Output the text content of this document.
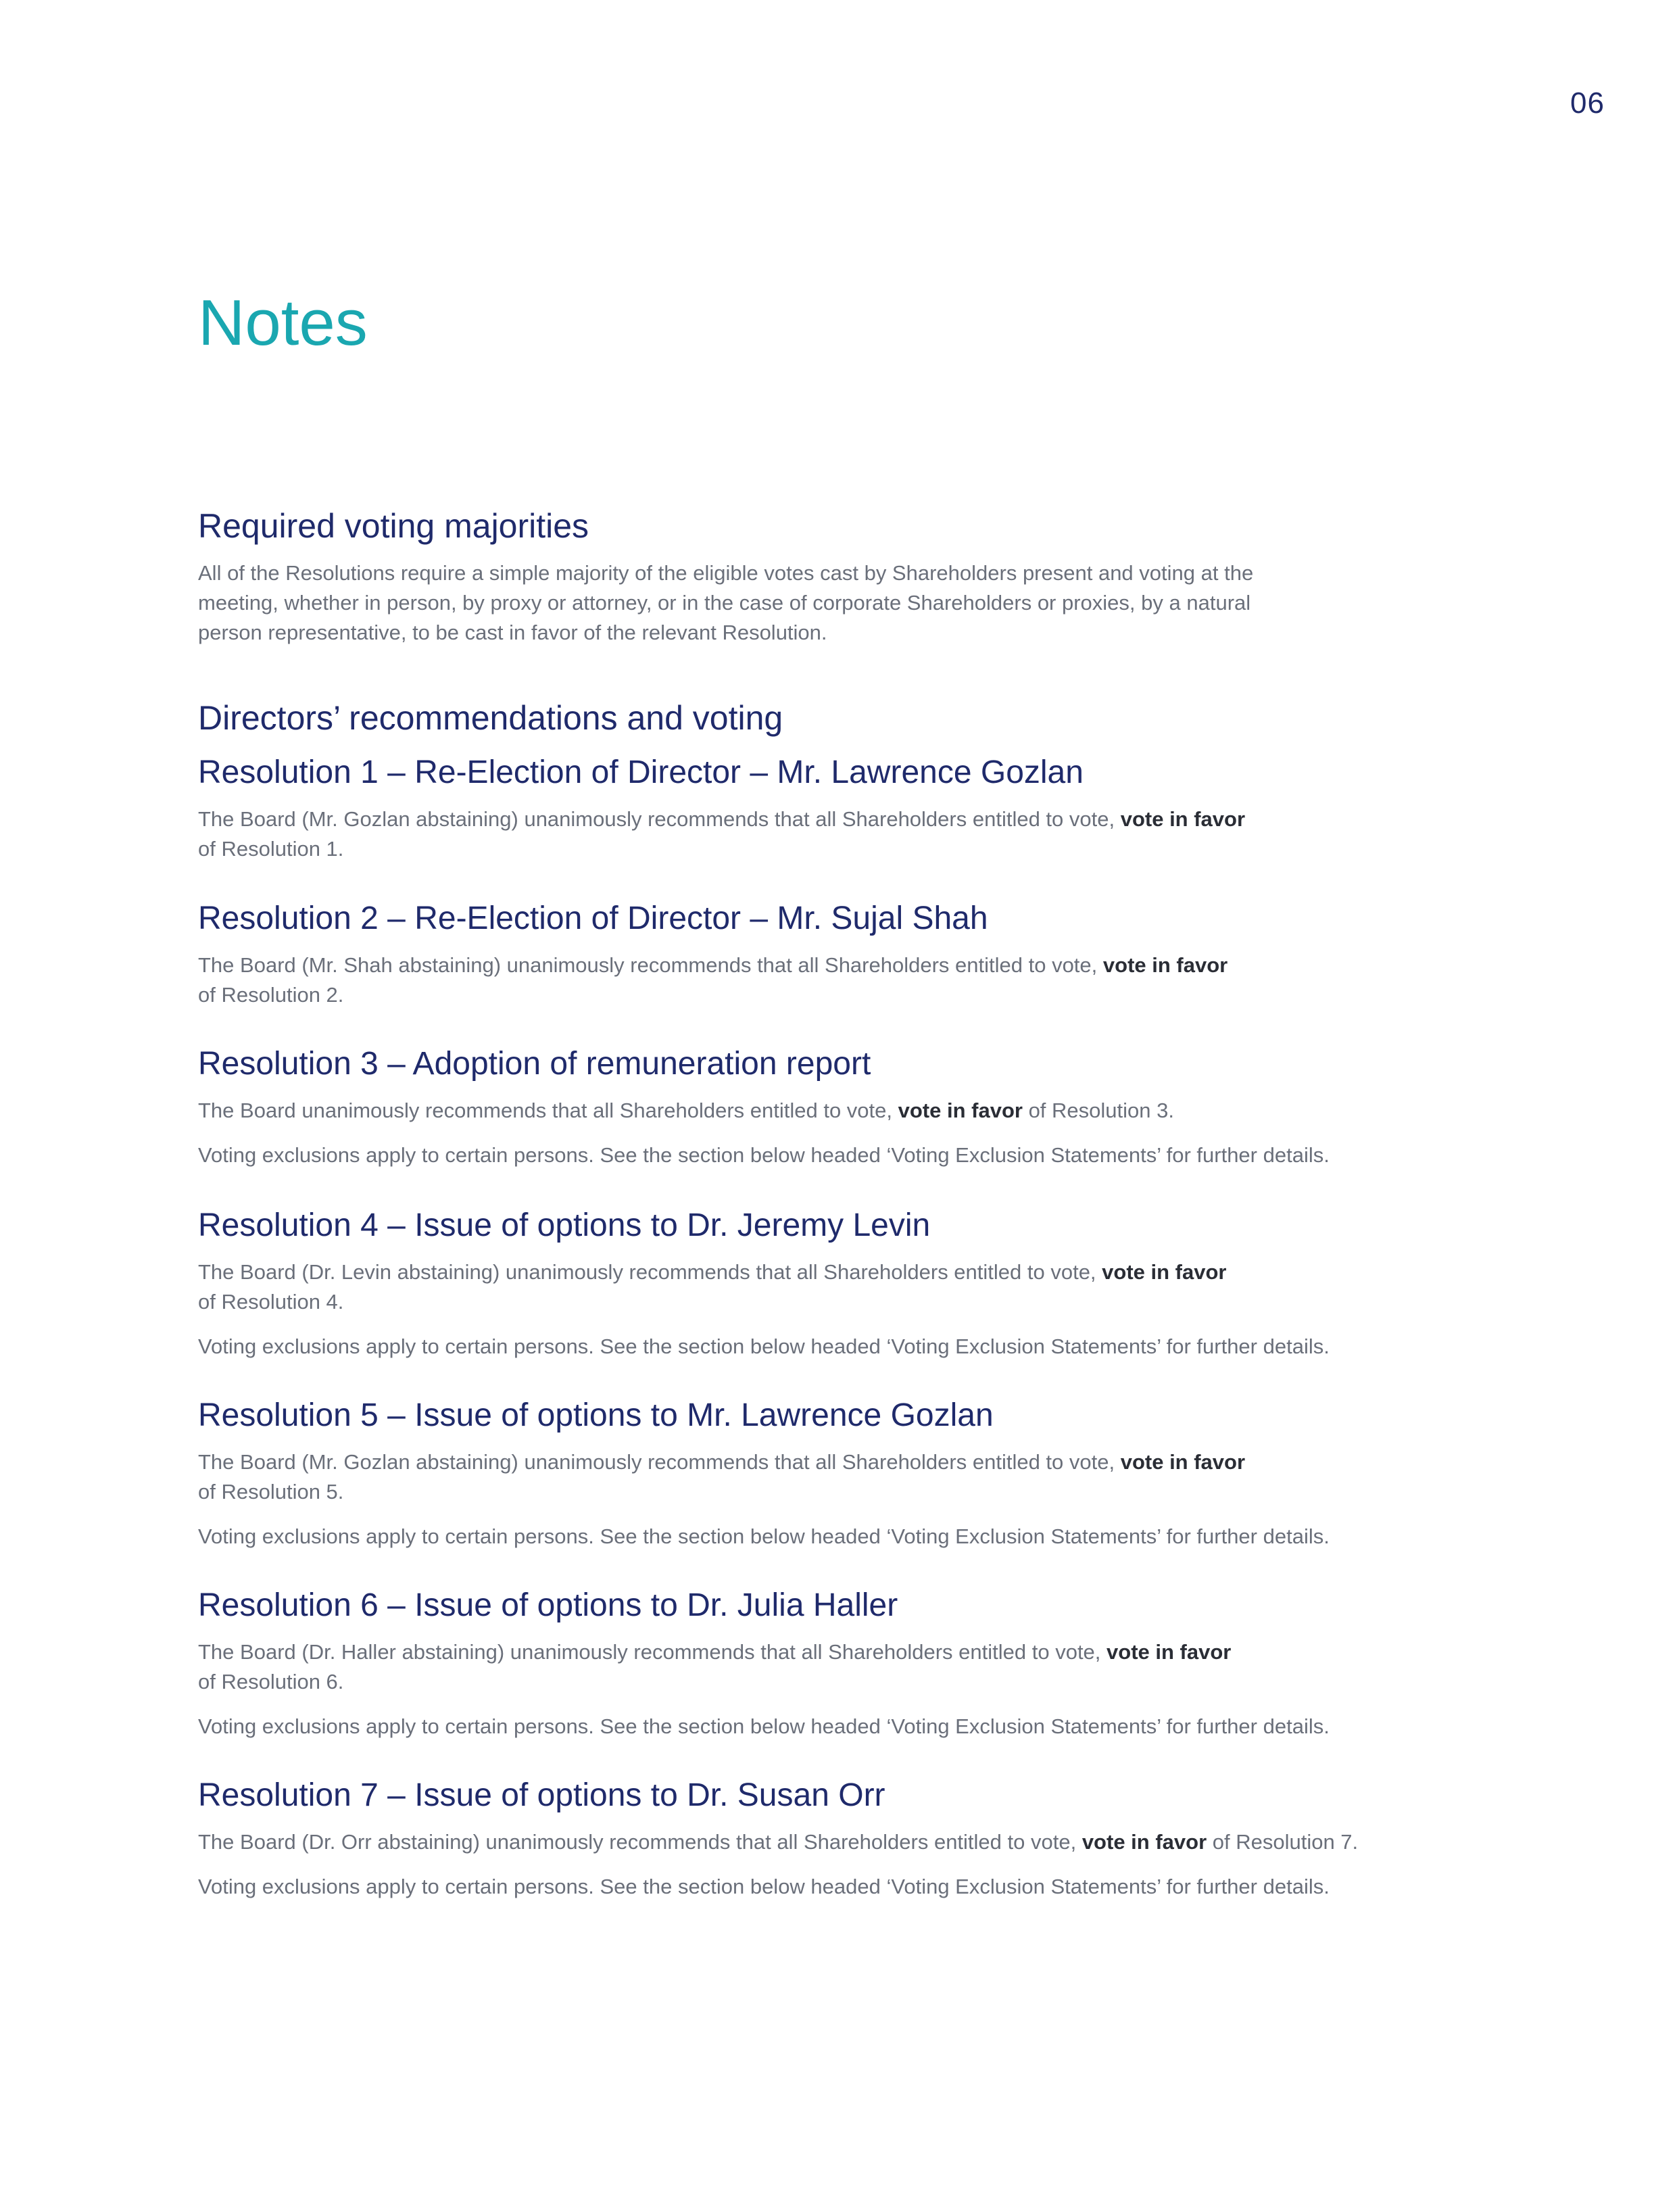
06
Notes
Required voting majorities

All of the Resolutions require a simple majority of the eligible votes cast by Shareholders present and voting at the

meeting, whether in person, by proxy or attorney, or in the case of corporate Shareholders or proxies, by a natural

person representative, to be cast in favor of the relevant Resolution.

Directors’ recommendations and voting
Resolution 1 – Re-Election of Director – Mr. Lawrence Gozlan

The Board (Mr. Gozlan abstaining) unanimously recommends that all Shareholders entitled to vote, vote in favor

of Resolution 1.

Resolution 2 – Re-Election of Director – Mr. Sujal Shah

The Board (Mr. Shah abstaining) unanimously recommends that all Shareholders entitled to vote, vote in favor

of Resolution 2.

Resolution 3 – Adoption of remuneration report

The Board unanimously recommends that all Shareholders entitled to vote, vote in favor of Resolution 3.

Voting exclusions apply to certain persons. See the section below headed ‘Voting Exclusion Statements’ for further details.

Resolution 4 – Issue of options to Dr. Jeremy Levin

The Board (Dr. Levin abstaining) unanimously recommends that all Shareholders entitled to vote, vote in favor

of Resolution 4.

Voting exclusions apply to certain persons. See the section below headed ‘Voting Exclusion Statements’ for further details.

Resolution 5 – Issue of options to Mr. Lawrence Gozlan

The Board (Mr. Gozlan abstaining) unanimously recommends that all Shareholders entitled to vote, vote in favor

of Resolution 5.

Voting exclusions apply to certain persons. See the section below headed ‘Voting Exclusion Statements’ for further details.

Resolution 6 – Issue of options to Dr. Julia Haller

The Board (Dr. Haller abstaining) unanimously recommends that all Shareholders entitled to vote, vote in favor

of Resolution 6.

Voting exclusions apply to certain persons. See the section below headed ‘Voting Exclusion Statements’ for further details.

Resolution 7 – Issue of options to Dr. Susan Orr

The Board (Dr. Orr abstaining) unanimously recommends that all Shareholders entitled to vote, vote in favor of Resolution 7.

Voting exclusions apply to certain persons. See the section below headed ‘Voting Exclusion Statements’ for further details.
